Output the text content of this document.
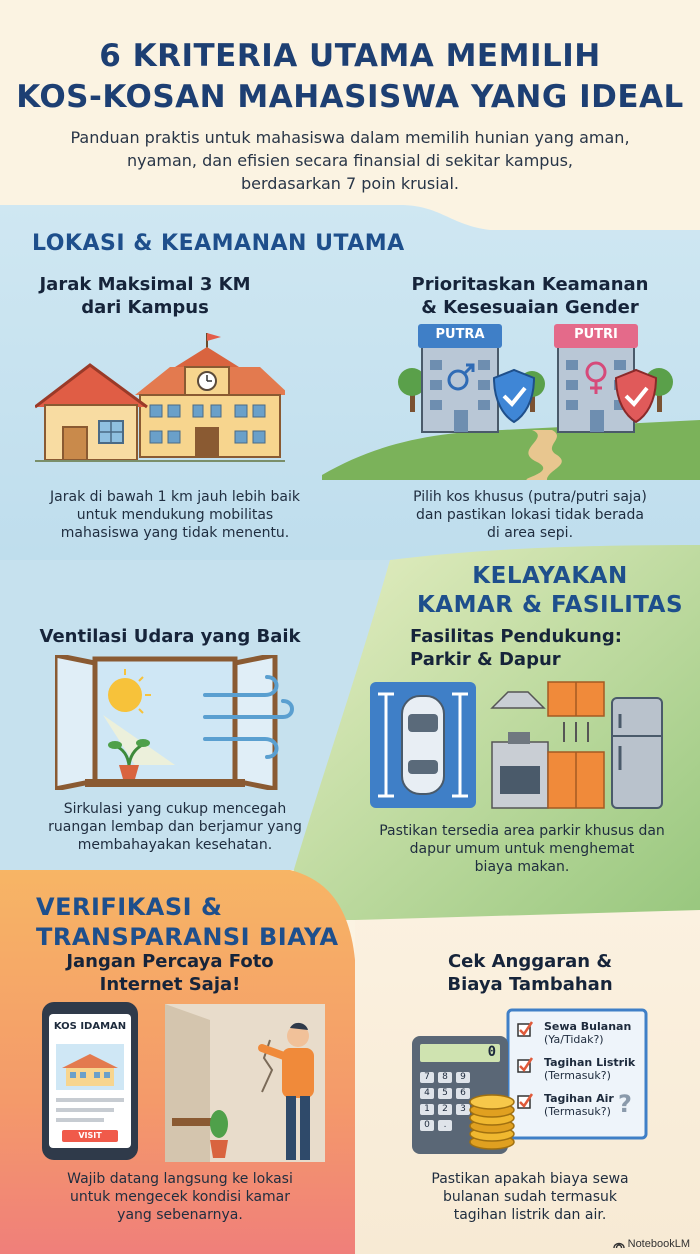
6 KRITERIA UTAMA MEMILIH
KOS-KOSAN MAHASISWA YANG IDEAL
Panduan praktis untuk mahasiswa dalam memilih hunian yang aman,
nyaman, dan efisien secara finansial di sekitar kampus,
berdasarkan 7 poin krusial.
LOKASI & KEAMANAN UTAMA
Jarak Maksimal 3 KM
dari Kampus
Jarak di bawah 1 km jauh lebih baik
untuk mendukung mobilitas
mahasiswa yang tidak menentu.
Prioritaskan Keamanan
& Kesesuaian Gender
PUTRA	PUTRI
Pilih kos khusus (putra/putri saja)
dan pastikan lokasi tidak berada
di area sepi.
KELAYAKAN
KAMAR & FASILITAS
Ventilasi Udara yang Baik
Sirkulasi yang cukup mencegah
ruangan lembap dan berjamur yang
membahayakan kesehatan.
Fasilitas Pendukung:
Parkir & Dapur
Pastikan tersedia area parkir khusus dan
dapur umum untuk menghemat
biaya makan.
VERIFIKASI &
TRANSPARANSI BIAYA
Jangan Percaya Foto
Internet Saja!
KOS IDAMAN
VISIT
Wajib datang langsung ke lokasi
untuk mengecek kondisi kamar
yang sebenarnya.
Cek Anggaran &
Biaya Tambahan
0
7	8	9
4	5	6
1	2	3
0	.
Sewa Bulanan
(Ya/Tidak?)
Tagihan Listrik
(Termasuk?)
Tagihan Air
(Termasuk?) ?
Pastikan apakah biaya sewa
bulanan sudah termasuk
tagihan listrik dan air.
NotebookLM
